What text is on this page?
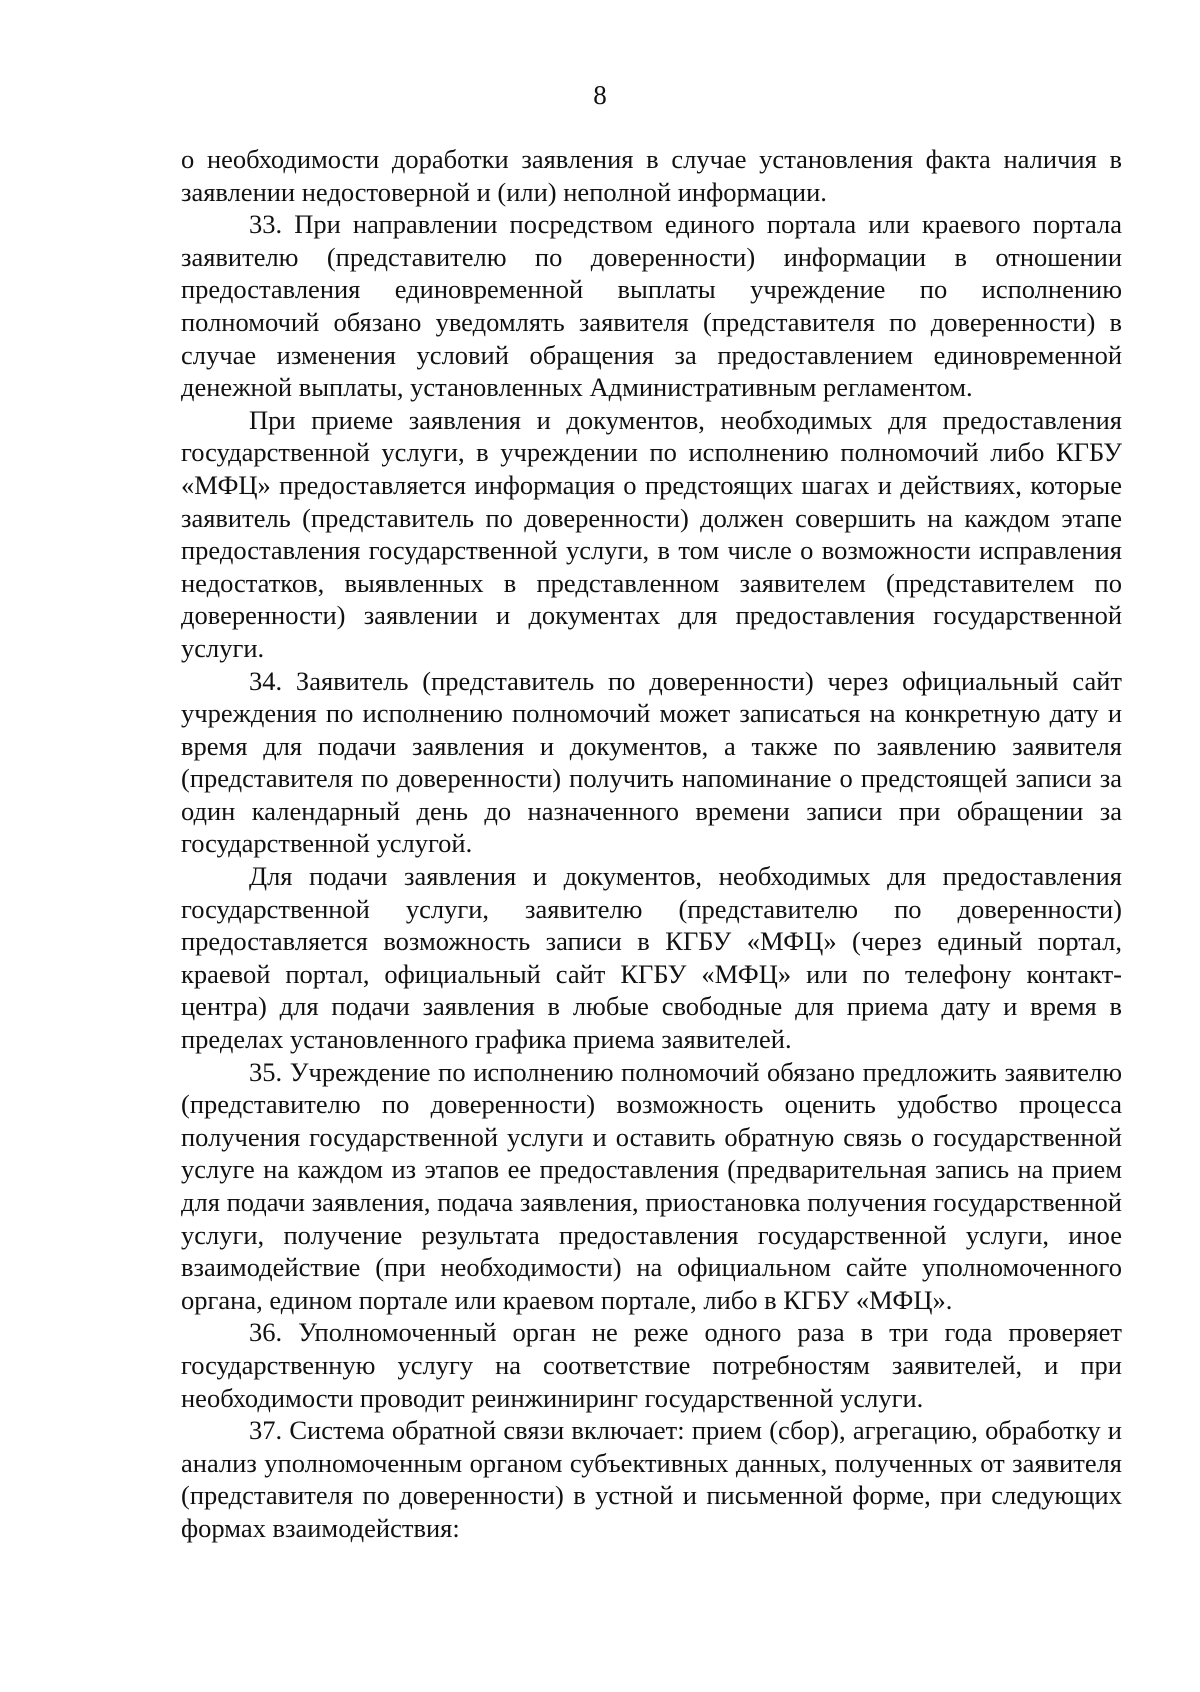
8

о необходимости доработки заявления в случае установления факта наличия в заявлении недостоверной и (или) неполной информации.

33. При направлении посредством единого портала или краевого портала заявителю (представителю по доверенности) информации в отношении предоставления единовременной выплаты учреждение по исполнению полномочий обязано уведомлять заявителя (представителя по доверенности) в случае изменения условий обращения за предоставлением единовременной денежной выплаты, установленных Административным регламентом.

При приеме заявления и документов, необходимых для предоставления государственной услуги, в учреждении по исполнению полномочий либо КГБУ «МФЦ» предоставляется информация о предстоящих шагах и действиях, которые заявитель (представитель по доверенности) должен совершить на каждом этапе предоставления государственной услуги, в том числе о возможности исправления недостатков, выявленных в представленном заявителем (представителем по доверенности) заявлении и документах для предоставления государственной услуги.

34. Заявитель (представитель по доверенности) через официальный сайт учреждения по исполнению полномочий может записаться на конкретную дату и время для подачи заявления и документов, а также по заявлению заявителя (представителя по доверенности) получить напоминание о предстоящей записи за один календарный день до назначенного времени записи при обращении за государственной услугой.

Для подачи заявления и документов, необходимых для предоставления государственной услуги, заявителю (представителю по доверенности) предоставляется возможность записи в КГБУ «МФЦ» (через единый портал, краевой портал, официальный сайт КГБУ «МФЦ» или по телефону контакт-центра) для подачи заявления в любые свободные для приема дату и время в пределах установленного графика приема заявителей.

35. Учреждение по исполнению полномочий обязано предложить заявителю (представителю по доверенности) возможность оценить удобство процесса получения государственной услуги и оставить обратную связь о государственной услуге на каждом из этапов ее предоставления (предварительная запись на прием для подачи заявления, подача заявления, приостановка получения государственной услуги, получение результата предоставления государственной услуги, иное взаимодействие (при необходимости) на официальном сайте уполномоченного органа, едином портале или краевом портале, либо в КГБУ «МФЦ».

36. Уполномоченный орган не реже одного раза в три года проверяет государственную услугу на соответствие потребностям заявителей, и при необходимости проводит реинжиниринг государственной услуги.

37. Система обратной связи включает: прием (сбор), агрегацию, обработку и анализ уполномоченным органом субъективных данных, полученных от заявителя (представителя по доверенности) в устной и письменной форме, при следующих формах взаимодействия:
